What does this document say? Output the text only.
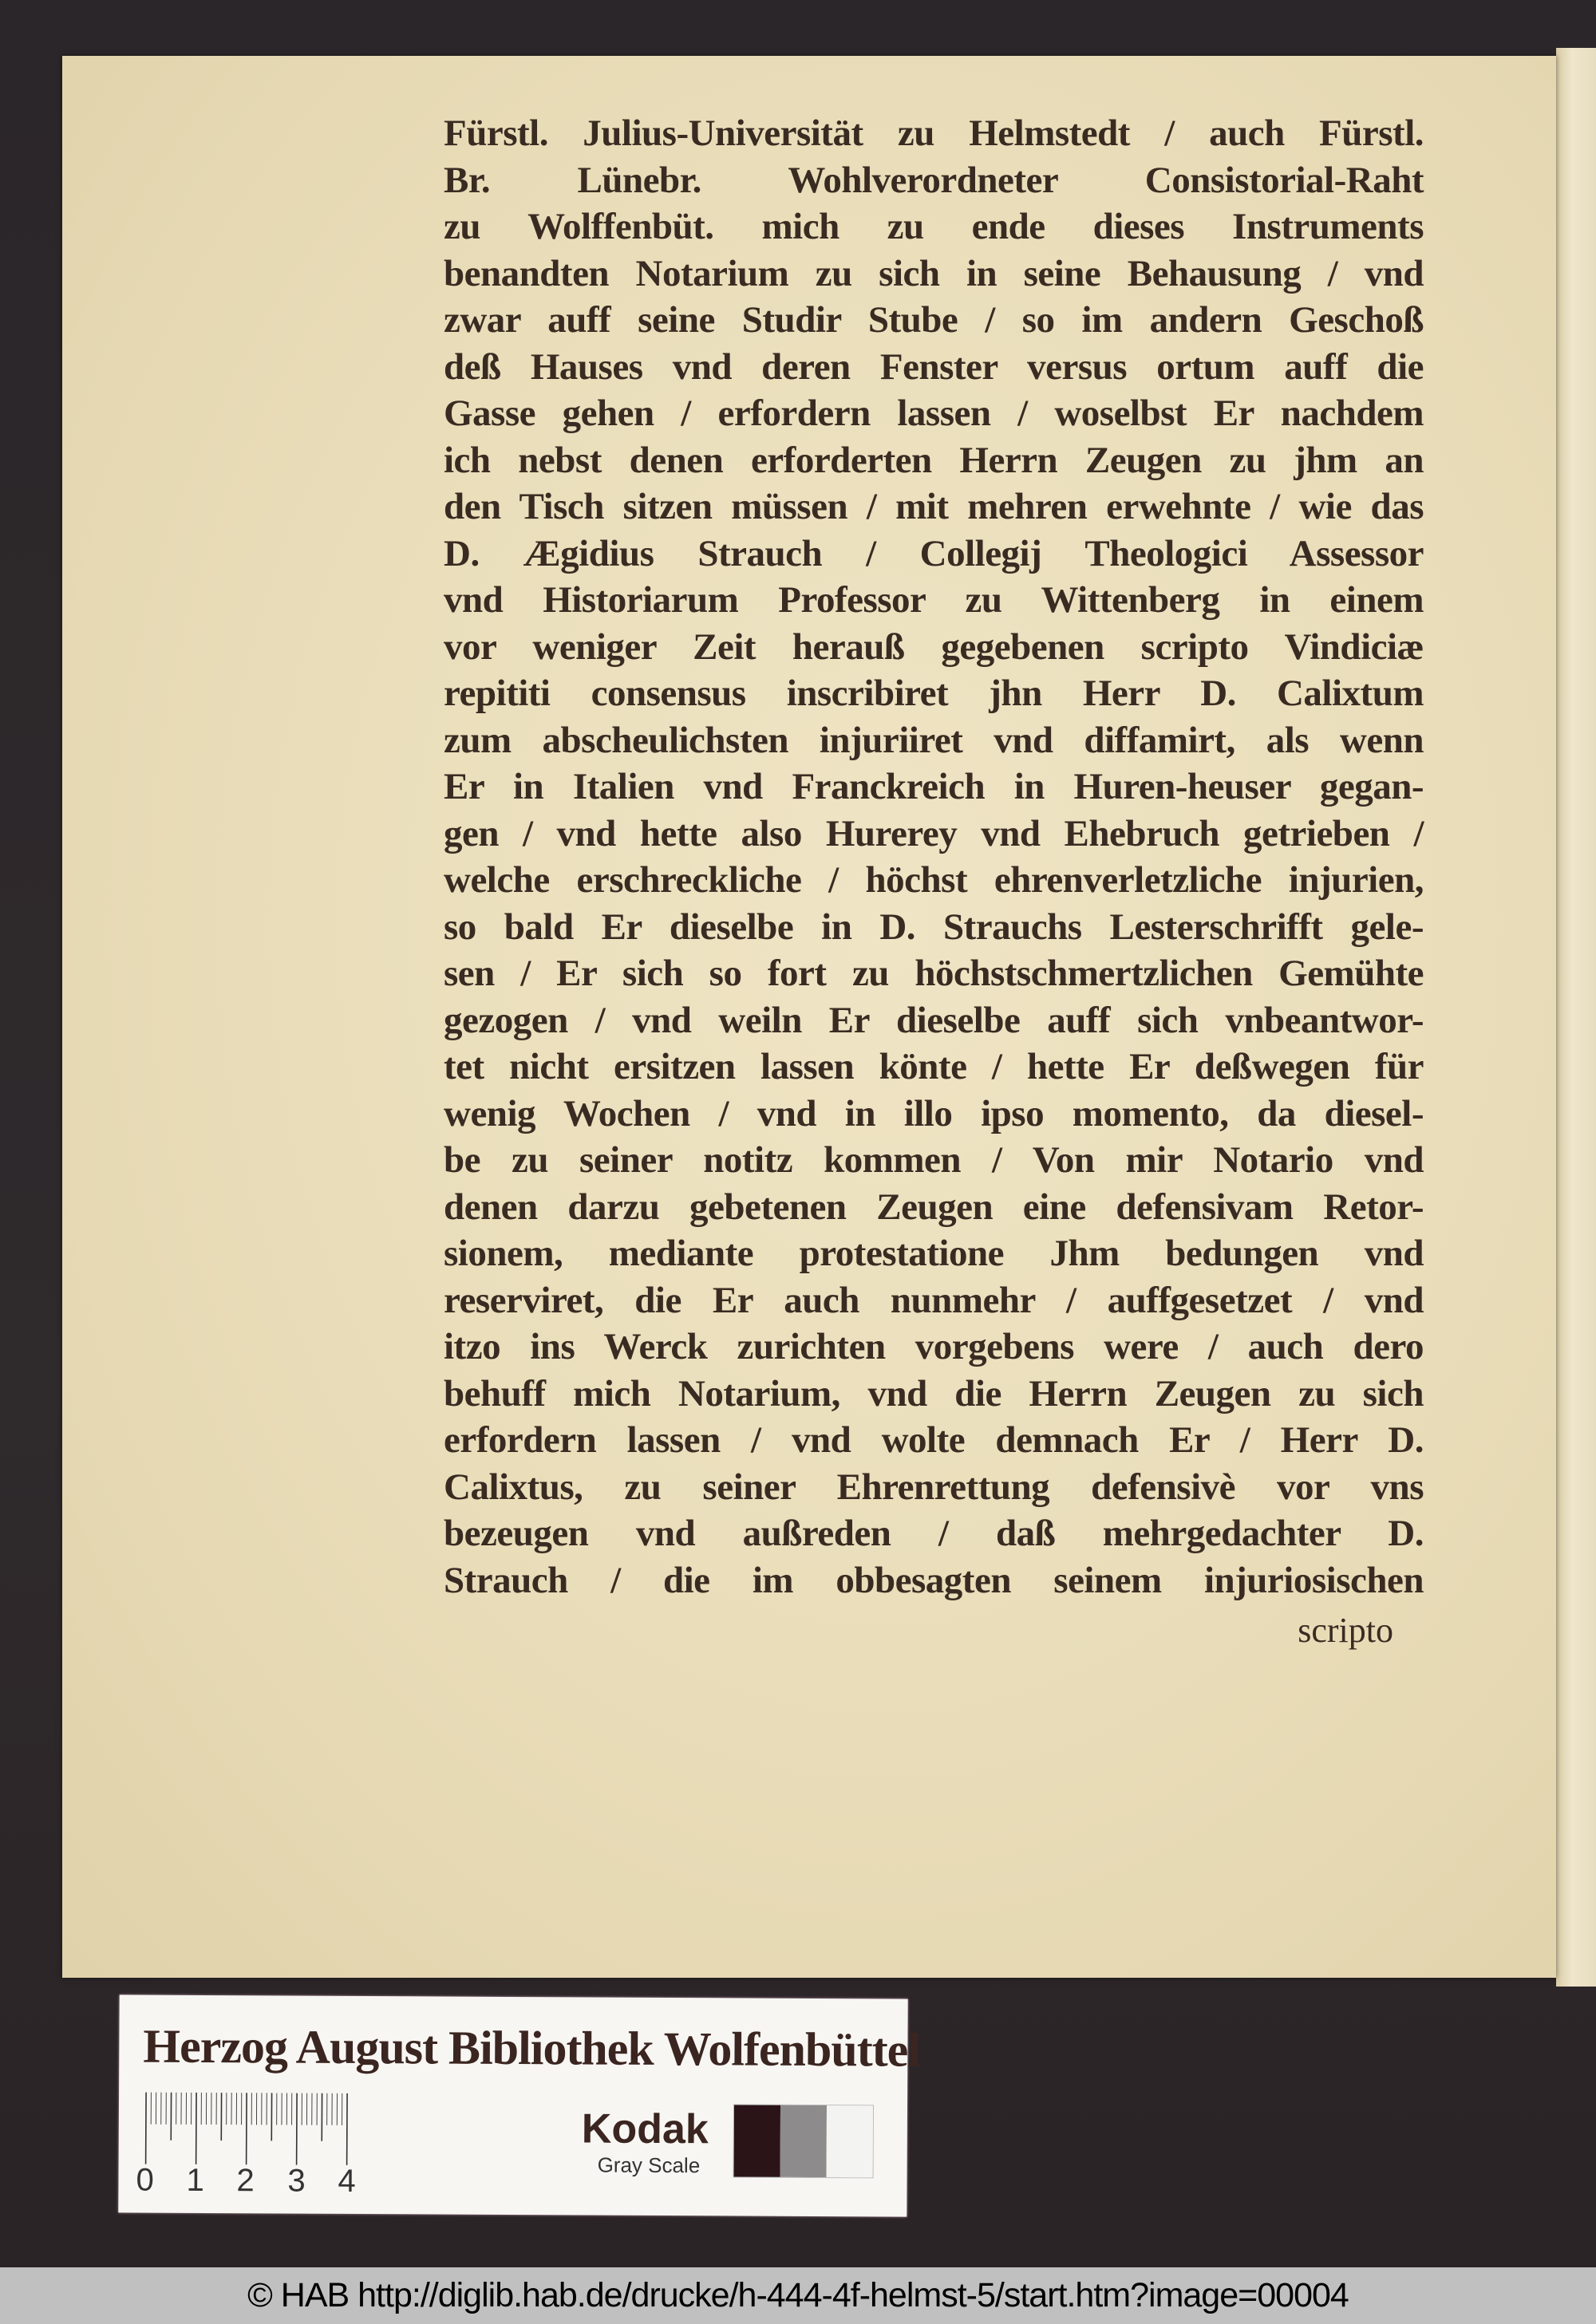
Fürstl. Julius-Universität zu Helmstedt / auch Fürstl.
Br. Lünebr. Wohlverordneter Consistorial-Raht
zu Wolffenbüt. mich zu ende dieses Instruments
benandten Notarium zu sich in seine Behausung / vnd
zwar auff seine Studir Stube / so im andern Geschoß
deß Hauses vnd deren Fenster versus ortum auff die
Gasse gehen / erfordern lassen / woselbst Er nachdem
ich nebst denen erforderten Herrn Zeugen zu jhm an
den Tisch sitzen müssen / mit mehren erwehnte / wie das
D. Ægidius Strauch / Collegij Theologici Assessor
vnd Historiarum Professor zu Wittenberg in einem
vor weniger Zeit herauß gegebenen scripto Vindiciæ
repititi consensus inscribiret jhn Herr D. Calixtum
zum abscheulichsten injuriiret vnd diffamirt, als wenn
Er in Italien vnd Franckreich in Huren-heuser gegan-
gen / vnd hette also Hurerey vnd Ehebruch getrieben /
welche erschreckliche / höchst ehrenverletzliche injurien,
so bald Er dieselbe in D. Strauchs Lesterschrifft gele-
sen / Er sich so fort zu höchstschmertzlichen Gemühte
gezogen / vnd weiln Er dieselbe auff sich vnbeantwor-
tet nicht ersitzen lassen könte / hette Er deßwegen für
wenig Wochen / vnd in illo ipso momento, da diesel-
be zu seiner notitz kommen / Von mir Notario vnd
denen darzu gebetenen Zeugen eine defensivam Retor-
sionem, mediante protestatione Jhm bedungen vnd
reserviret, die Er auch nunmehr / auffgesetzet / vnd
itzo ins Werck zurichten vorgebens were / auch dero
behuff mich Notarium, vnd die Herrn Zeugen zu sich
erfordern lassen / vnd wolte demnach Er / Herr D.
Calixtus, zu seiner Ehrenrettung defensivè vor vns
bezeugen vnd außreden / daß mehrgedachter D.
Strauch / die im obbesagten seinem injuriosischen
scripto
Herzog August Bibliothek Wolfenbüttel
0 1 2 3 4
Kodak
Gray Scale
© HAB http://diglib.hab.de/drucke/h-444-4f-helmst-5/start.htm?image=00004
